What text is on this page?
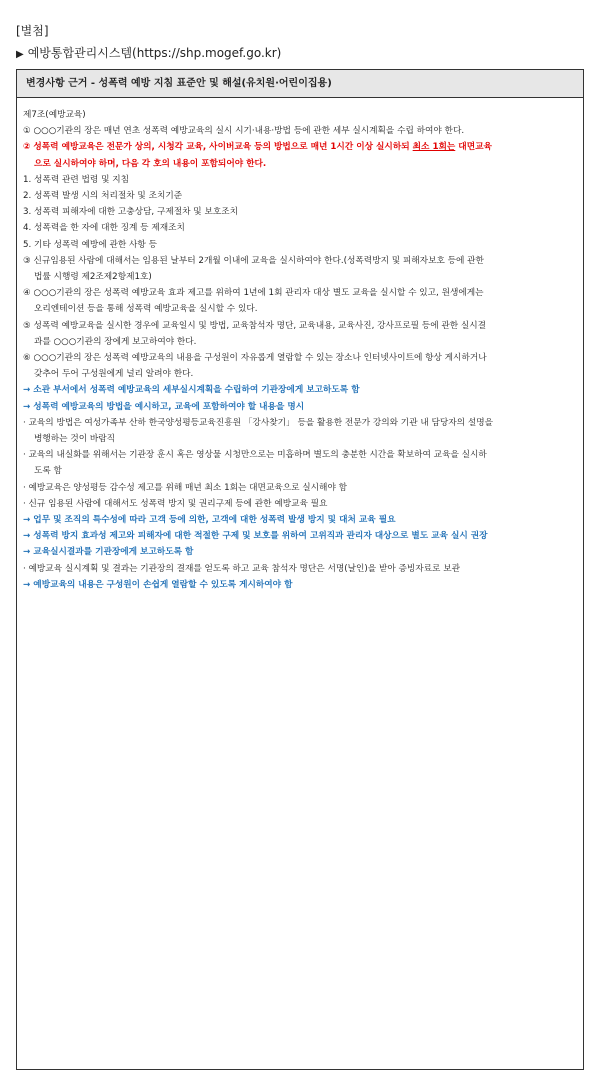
[별첨]
▶ 예방통합관리시스템(https://shp.mogef.go.kr)
변경사항 근거 - 성폭력 예방 지침 표준안 및 해설(유치원·어린이집용)
제7조(예방교육)
① ○○○기관의 장은 매년 연초 성폭력 예방교육의 실시 시기·내용·방법 등에 관한 세부 실시계획을 수립 하여야 한다.
② 성폭력 예방교육은 전문가 상의, 시청각 교육, 사이버교육 등의 방법으로 매년 1시간 이상 실시하되 최소 1회는 대면교육
으로 실시하여야 하며, 다음 각 호의 내용이 포함되어야 한다.
1. 성폭력 관련 법령 및 지침
2. 성폭력 발생 시의 처리절차 및 조치기준
3. 성폭력 피해자에 대한 고충상담, 구제절차 및 보호조치
4. 성폭력을 한 자에 대한 징계 등 제재조치
5. 기타 성폭력 예방에 관한 사항 등
③ 신규임용된 사람에 대해서는 임용된 날부터 2개월 이내에 교육을 실시하여야 한다.(성폭력방지 및 피해자보호 등에 관한
법률 시행령 제2조제2항제1호)
④ ○○○기관의 장은 성폭력 예방교육 효과 제고를 위하여 1년에 1회 관리자 대상 별도 교육을 실시할 수 있고, 원생에게는
오리엔테이션 등을 통해 성폭력 예방교육을 실시할 수 있다.
⑤ 성폭력 예방교육을 실시한 경우에 교육일시 및 방법, 교육참석자 명단, 교육내용, 교육사진, 강사프로필 등에 관한 실시결
과를 ○○○기관의 장에게 보고하여야 한다.
⑥ ○○○기관의 장은 성폭력 예방교육의 내용을 구성원이 자유롭게 열람할 수 있는 장소나 인터넷사이트에 항상 게시하거나
갖추어 두어 구성원에게 널리 알려야 한다.
→ 소관 부서에서 성폭력 예방교육의 세부실시계획을 수립하여 기관장에게 보고하도록 함
→ 성폭력 예방교육의 방법을 예시하고, 교육에 포함하여야 할 내용을 명시
· 교육의 방법은 여성가족부 산하 한국양성평등교육진흥원 「강사찾기」 등을 활용한 전문가 강의와 기관 내 담당자의 설명을
병행하는 것이 바람직
· 교육의 내실화를 위해서는 기관장 훈시 혹은 영상물 시청만으로는 미흡하며 별도의 충분한 시간을 확보하여 교육을 실시하
도록 함
· 예방교육은 양성평등 감수성 제고를 위해 매년 최소 1회는 대면교육으로 실시해야 함
· 신규 임용된 사람에 대해서도 성폭력 방지 및 권리구제 등에 관한 예방교육 필요
→ 업무 및 조직의 특수성에 따라 고객 등에 의한, 고객에 대한 성폭력 발생 방지 및 대처 교육 필요
→ 성폭력 방지 효과성 제고와 피해자에 대한 적절한 구제 및 보호를 위하여 고위직과 관리자 대상으로 별도 교육 실시 권장
→ 교육실시결과를 기관장에게 보고하도록 함
· 예방교육 실시계획 및 결과는 기관장의 결재를 얻도록 하고 교육 참석자 명단은 서명(날인)을 받아 증빙자료로 보관
→ 예방교육의 내용은 구성원이 손쉽게 열람할 수 있도록 게시하여야 함
